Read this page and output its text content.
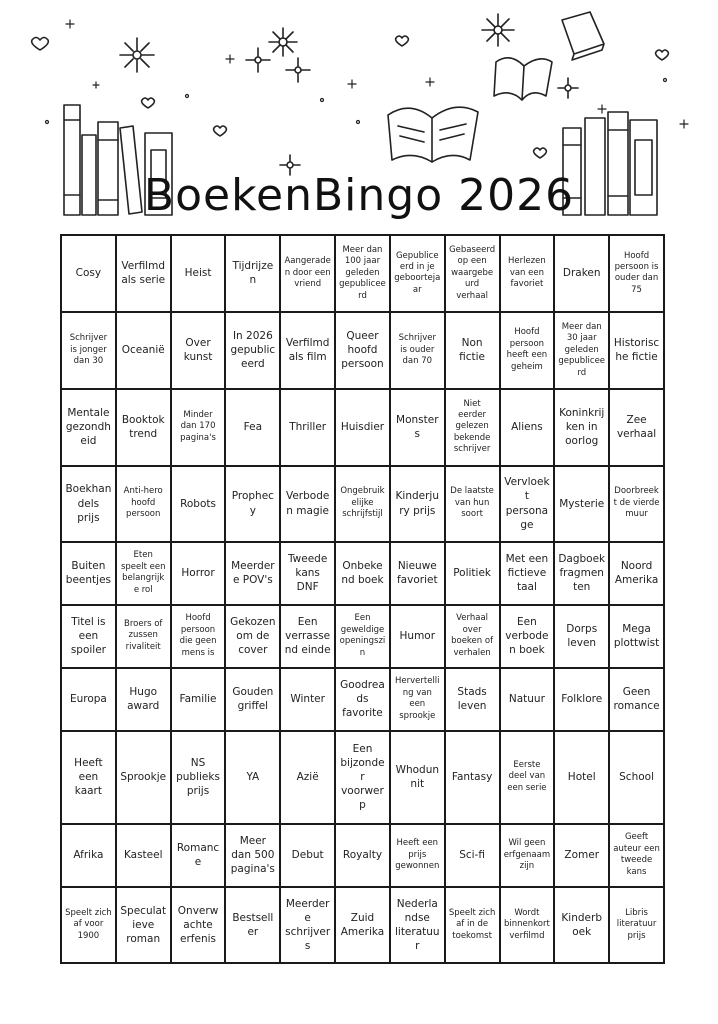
BoekenBingo 2026
Cosy	Verfilmd als serie	Heist	Tijdrijzen	Aangeraden door een vriend	Meer dan 100 jaar geleden gepubliceerd	Gepubliceerd in je geboortejaar	Gebaseerd op een waargebeurd verhaal	Herlezen van een favoriet	Draken	Hoofd persoon is ouder dan 75
Schrijver is jonger dan 30	Oceanië	Over kunst	In 2026 gepubliceerd	Verfilmd als film	Queer hoofd persoon	Schrijver is ouder dan 70	Non fictie	Hoofd persoon heeft een geheim	Meer dan 30 jaar geleden gepubliceerd	Historische fictie
Mentale gezondheid	Booktok trend	Minder dan 170 pagina's	Fea	Thriller	Huisdier	Monsters	Niet eerder gelezen bekende schrijver	Aliens	Koninkrijken in oorlog	Zee verhaal
Boekhandels prijs	Anti-hero hoofd persoon	Robots	Prophecy	Verboden magie	Ongebruikelijke schrijfstijl	Kinderjury prijs	De laatste van hun soort	Vervloekt personage	Mysterie	Doorbreekt de vierde muur
Buiten beentjes	Eten speelt een belangrijke rol	Horror	Meerdere POV's	Tweede kans DNF	Onbekend boek	Nieuwe favoriet	Politiek	Met een fictieve taal	Dagboek fragmenten	Noord Amerika
Titel is een spoiler	Broers of zussen rivaliteit	Hoofd persoon die geen mens is	Gekozen om de cover	Een verrassend einde	Een geweldige openingszin	Humor	Verhaal over boeken of verhalen	Een verboden boek	Dorps leven	Mega plottwist
Europa	Hugo award	Familie	Gouden griffel	Winter	Goodreads favorite	Hervertelling van een sprookje	Stads leven	Natuur	Folklore	Geen romance
Heeft een kaart	Sprookje	NS publieks prijs	YA	Azië	Een bijzonder voorwerp	Whodunnit	Fantasy	Eerste deel van een serie	Hotel	School
Afrika	Kasteel	Romance	Meer dan 500 pagina's	Debut	Royalty	Heeft een prijs gewonnen	Sci-fi	Wil geen erfgenaam zijn	Zomer	Geeft auteur een tweede kans
Speelt zich af voor 1900	Speculatieve roman	Onverwachte erfenis	Bestseller	Meerdere schrijvers	Zuid Amerika	Nederlandse literatuur	Speelt zich af in de toekomst	Wordt binnenkort verfilmd	Kinderboek	Libris literatuur prijs
